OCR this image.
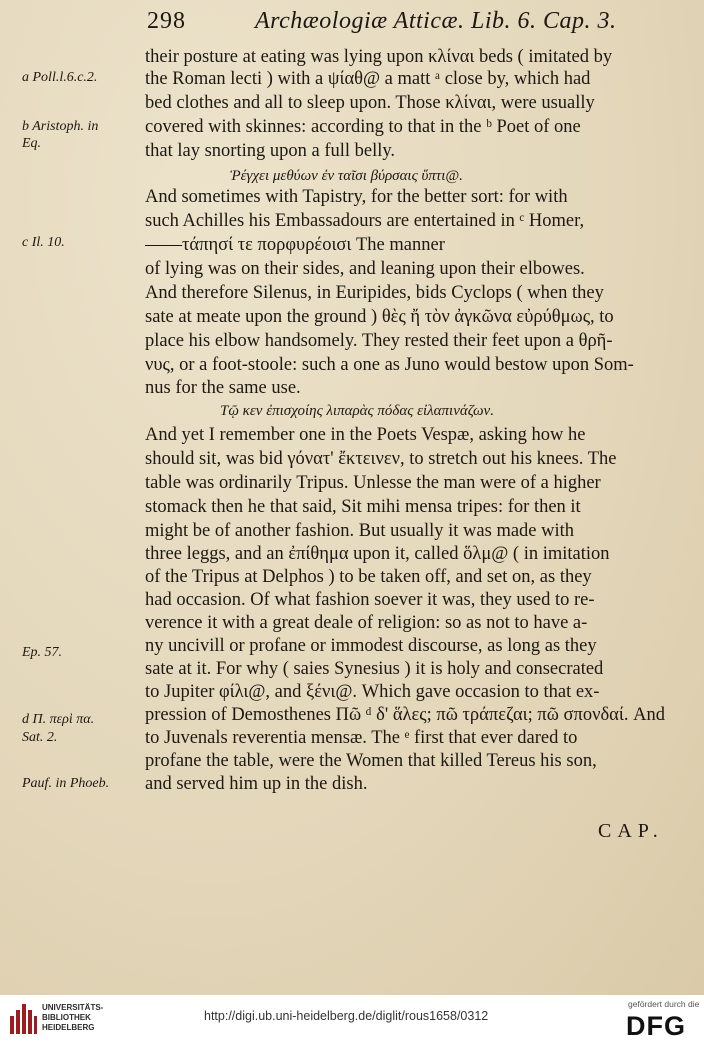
298	Archæologiæ Atticæ. Lib. 6. Cap. 3.
their posture at eating was lying upon κλίναι beds ( imitated by
the Roman lecti ) with a ψίαθ@ a matt ᵃ close by, which had
bed clothes and all to sleep upon. Those κλίναι, were usually
covered with skinnes: according to that in the ᵇ Poet of one
that lay snorting upon a full belly.
Ῥέγχει μεθύων ἐν ταῖσι βύρσαις ὕπτι@.
And sometimes with Tapistry, for the better sort: for with
such Achilles his Embassadours are entertained in ᶜ Homer,
——τάπησί τε πορφυρέοισι The manner
of lying was on their sides, and leaning upon their elbowes.
And therefore Silenus, in Euripides, bids Cyclops ( when they
sate at meate upon the ground ) θὲς ἤ τὸν ἀγκῶνα εὐρύθμως, to
place his elbow handsomely. They rested their feet upon a θρῆ-
νυς, or a foot-stoole: such a one as Juno would bestow upon Som-
nus for the same use.
Τῷ κεν ἐπισχοίης λιπαρὰς πόδας εἰλαπινάζων.
And yet I remember one in the Poets Vespæ, asking how he
should sit, was bid γόνατ' ἔκτεινεν, to stretch out his knees. The
table was ordinarily Tripus. Unlesse the man were of a higher
stomack then he that said, Sit mihi mensa tripes: for then it
might be of another fashion. But usually it was made with
three leggs, and an ἐπίθημα upon it, called ὅλμ@ ( in imitation
of the Tripus at Delphos ) to be taken off, and set on, as they
had occasion. Of what fashion soever it was, they used to re-
verence it with a great deale of religion: so as not to have a-
ny uncivill or profane or immodest discourse, as long as they
sate at it. For why ( saies Synesius ) it is holy and consecrated
to Jupiter φίλι@, and ξένι@. Which gave occasion to that ex-
pression of Demosthenes Πῶ ᵈ δ' ἅλες; πῶ τράπεζαι; πῶ σπονδαί. And
to Juvenals reverentia mensæ. The ᵉ first that ever dared to
profane the table, were the Women that killed Tereus his son,
and served him up in the dish.
a Poll.l.6.c.2.
b Aristoph. in
Eq.
c Il. 10.
Ep. 57.
d Π. περὶ πα.
Sat. 2.
Pauf. in Phoeb.
CAP.
UNIVERSITÄTS-
BIBLIOTHEK
HEIDELBERG
http://digi.ub.uni-heidelberg.de/diglit/rous1658/0312
gefördert durch die
DFG
